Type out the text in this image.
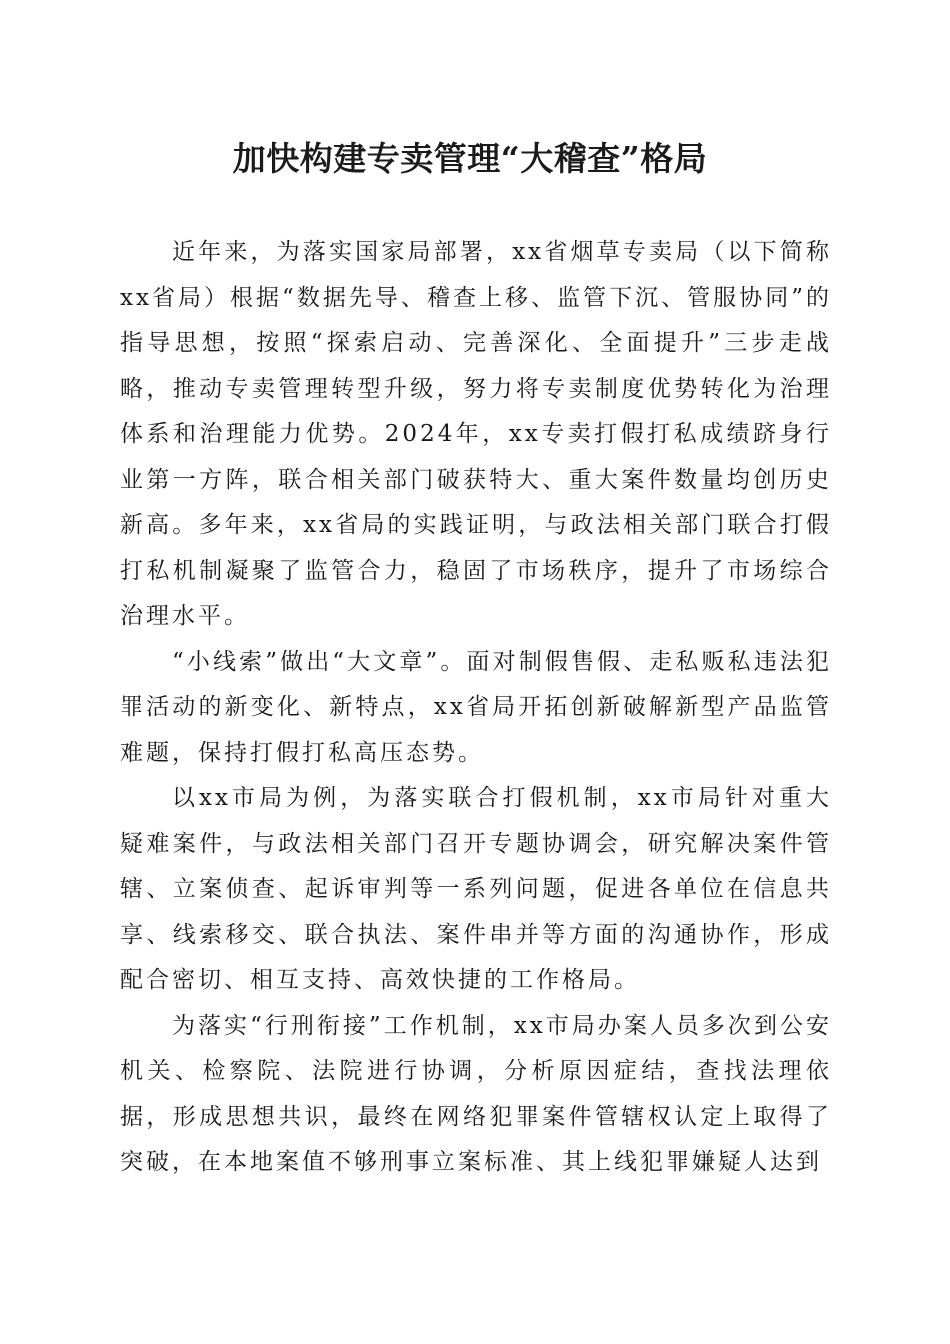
加快构建专卖管理“大稽查”格局

近年来，为落实国家局部署，xx省烟草专卖局（以下简称xx省局）根据“数据先导、稽查上移、监管下沉、管服协同”的指导思想，按照“探索启动、完善深化、全面提升”三步走战略，推动专卖管理转型升级，努力将专卖制度优势转化为治理体系和治理能力优势。2024年，xx专卖打假打私成绩跻身行业第一方阵，联合相关部门破获特大、重大案件数量均创历史新高。多年来，xx省局的实践证明，与政法相关部门联合打假打私机制凝聚了监管合力，稳固了市场秩序，提升了市场综合治理水平。

“小线索”做出“大文章”。面对制假售假、走私贩私违法犯罪活动的新变化、新特点，xx省局开拓创新破解新型产品监管难题，保持打假打私高压态势。

以xx市局为例，为落实联合打假机制，xx市局针对重大疑难案件，与政法相关部门召开专题协调会，研究解决案件管辖、立案侦查、起诉审判等一系列问题，促进各单位在信息共享、线索移交、联合执法、案件串并等方面的沟通协作，形成配合密切、相互支持、高效快捷的工作格局。

为落实“行刑衔接”工作机制，xx市局办案人员多次到公安机关、检察院、法院进行协调，分析原因症结，查找法理依据，形成思想共识，最终在网络犯罪案件管辖权认定上取得了突破，在本地案值不够刑事立案标准、其上线犯罪嫌疑人达到
